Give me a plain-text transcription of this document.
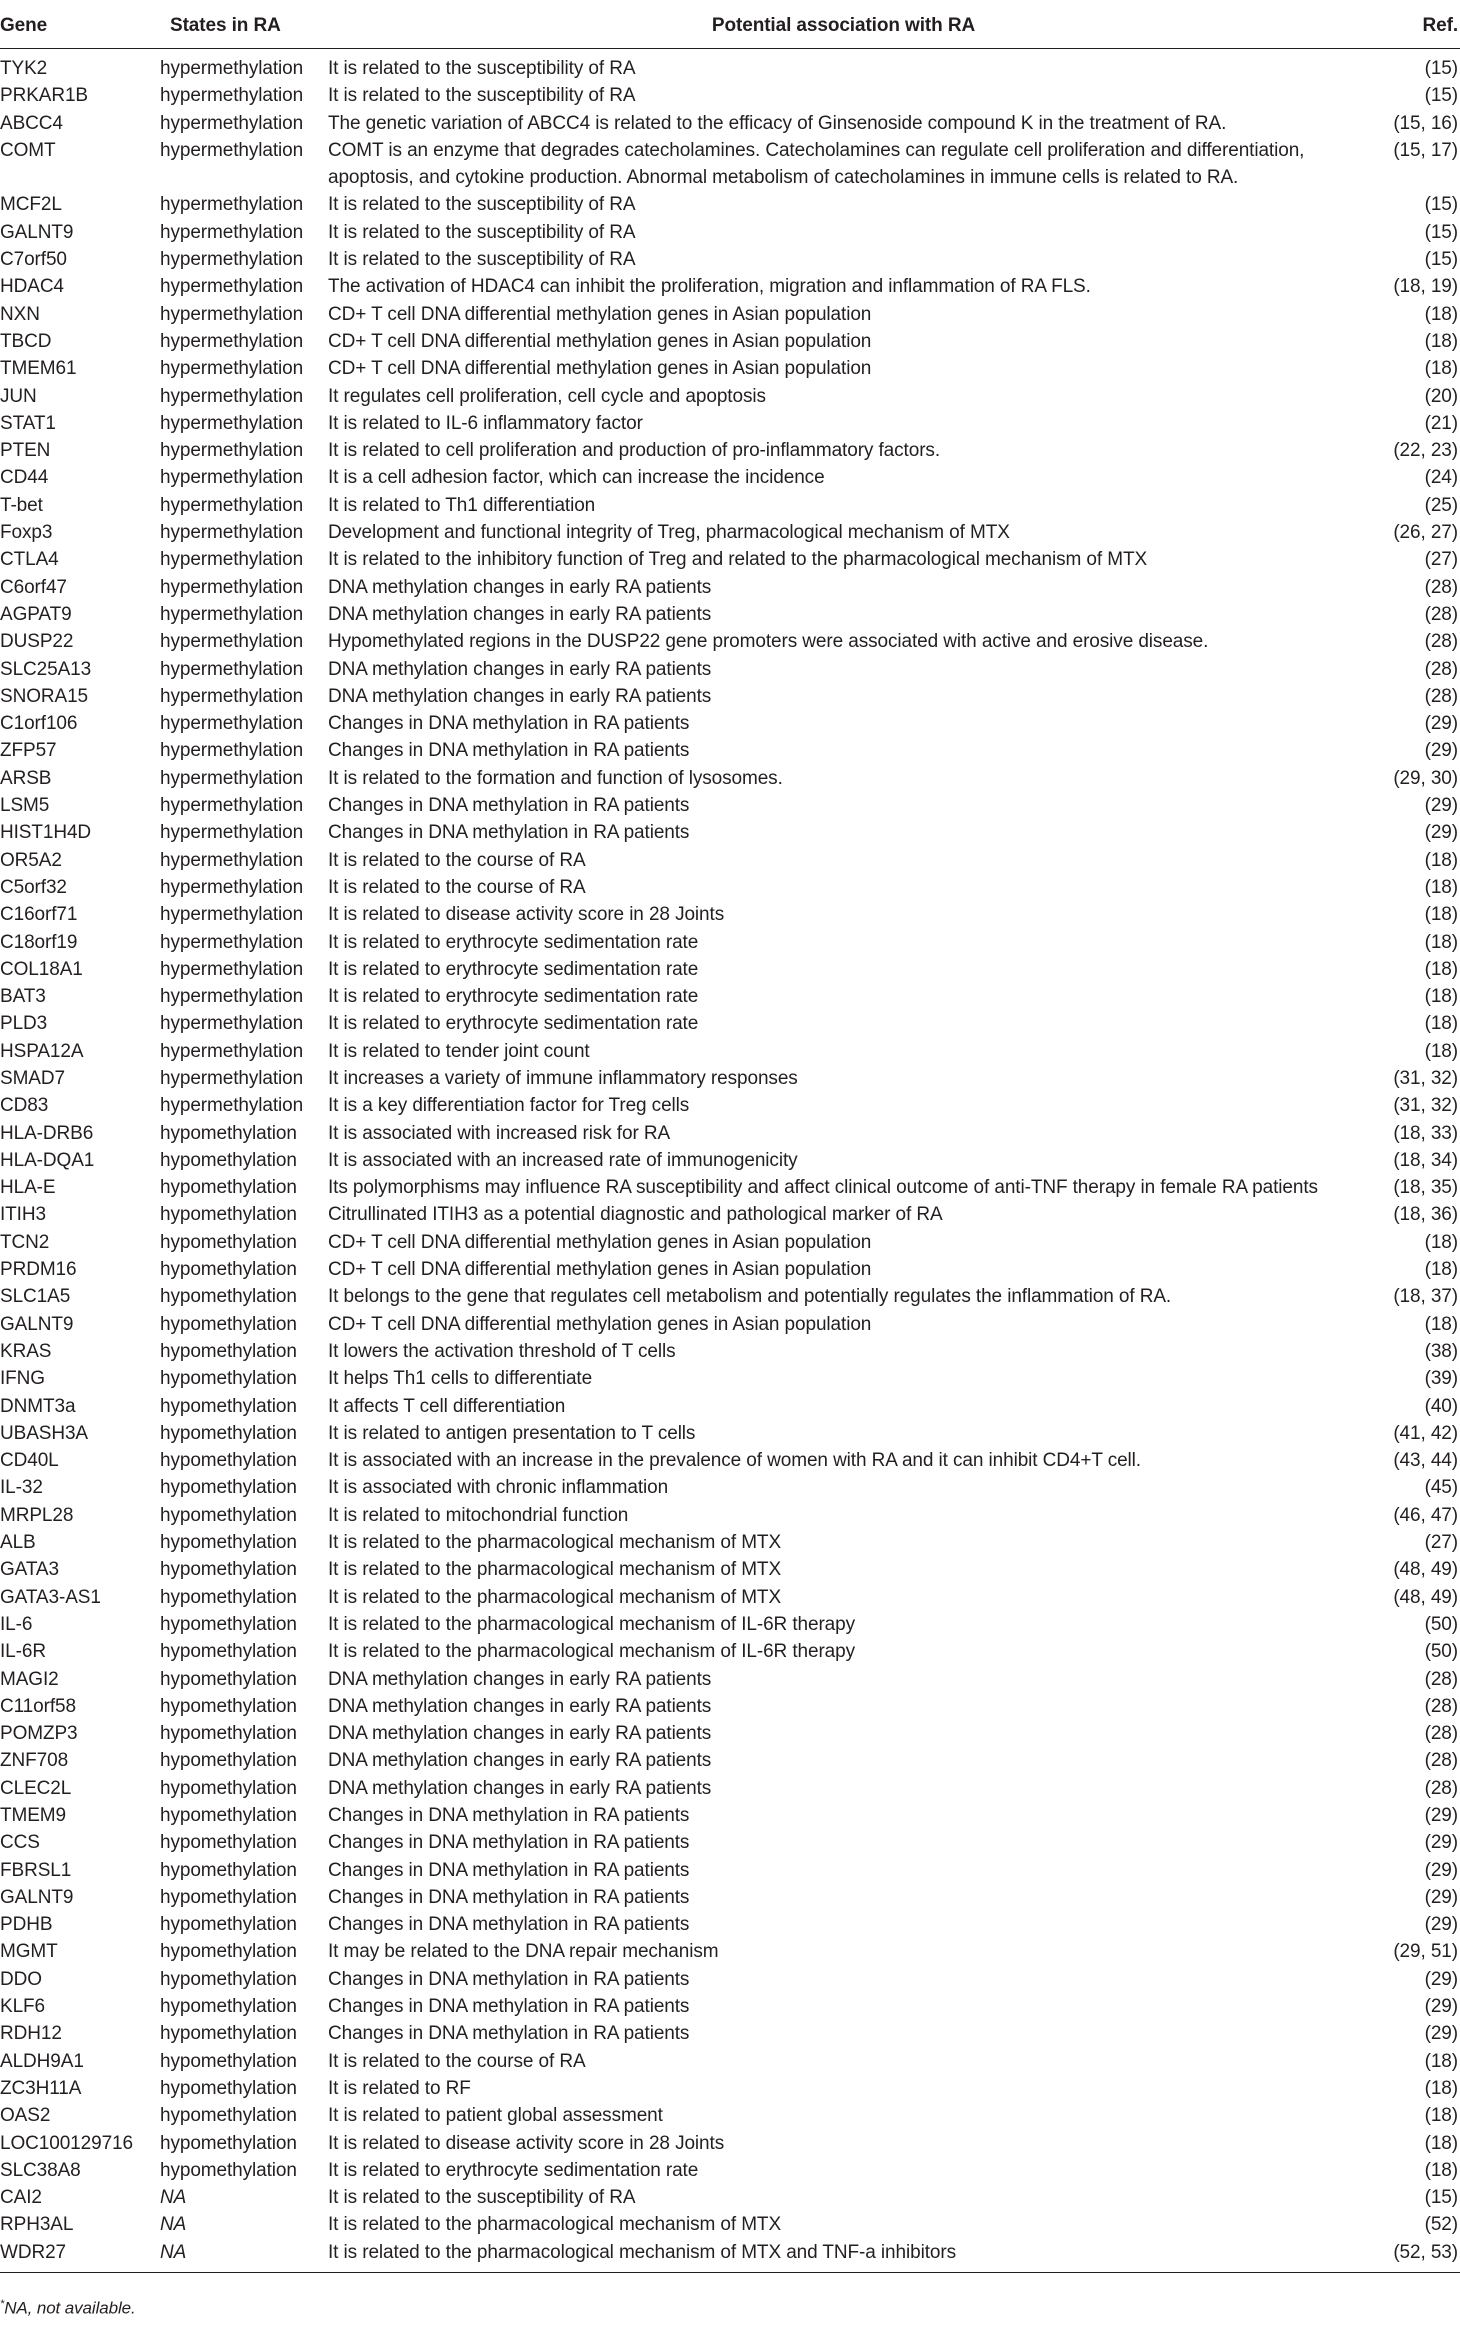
Gene	States in RA	Potential association with RA	Ref.

TYK2	hypermethylation	It is related to the susceptibility of RA	(15)
PRKAR1B	hypermethylation	It is related to the susceptibility of RA	(15)
ABCC4	hypermethylation	The genetic variation of ABCC4 is related to the efficacy of Ginsenoside compound K in the treatment of RA.	(15, 16)
COMT	hypermethylation	COMT is an enzyme that degrades catecholamines. Catecholamines can regulate cell proliferation and differentiation, apoptosis, and cytokine production. Abnormal metabolism of catecholamines in immune cells is related to RA.	(15, 17)
MCF2L	hypermethylation	It is related to the susceptibility of RA	(15)
GALNT9	hypermethylation	It is related to the susceptibility of RA	(15)
C7orf50	hypermethylation	It is related to the susceptibility of RA	(15)
HDAC4	hypermethylation	The activation of HDAC4 can inhibit the proliferation, migration and inflammation of RA FLS.	(18, 19)
NXN	hypermethylation	CD+ T cell DNA differential methylation genes in Asian population	(18)
TBCD	hypermethylation	CD+ T cell DNA differential methylation genes in Asian population	(18)
TMEM61	hypermethylation	CD+ T cell DNA differential methylation genes in Asian population	(18)
JUN	hypermethylation	It regulates cell proliferation, cell cycle and apoptosis	(20)
STAT1	hypermethylation	It is related to IL-6 inflammatory factor	(21)
PTEN	hypermethylation	It is related to cell proliferation and production of pro-inflammatory factors.	(22, 23)
CD44	hypermethylation	It is a cell adhesion factor, which can increase the incidence	(24)
T-bet	hypermethylation	It is related to Th1 differentiation	(25)
Foxp3	hypermethylation	Development and functional integrity of Treg, pharmacological mechanism of MTX	(26, 27)
CTLA4	hypermethylation	It is related to the inhibitory function of Treg and related to the pharmacological mechanism of MTX	(27)
C6orf47	hypermethylation	DNA methylation changes in early RA patients	(28)
AGPAT9	hypermethylation	DNA methylation changes in early RA patients	(28)
DUSP22	hypermethylation	Hypomethylated regions in the DUSP22 gene promoters were associated with active and erosive disease.	(28)
SLC25A13	hypermethylation	DNA methylation changes in early RA patients	(28)
SNORA15	hypermethylation	DNA methylation changes in early RA patients	(28)
C1orf106	hypermethylation	Changes in DNA methylation in RA patients	(29)
ZFP57	hypermethylation	Changes in DNA methylation in RA patients	(29)
ARSB	hypermethylation	It is related to the formation and function of lysosomes.	(29, 30)
LSM5	hypermethylation	Changes in DNA methylation in RA patients	(29)
HIST1H4D	hypermethylation	Changes in DNA methylation in RA patients	(29)
OR5A2	hypermethylation	It is related to the course of RA	(18)
C5orf32	hypermethylation	It is related to the course of RA	(18)
C16orf71	hypermethylation	It is related to disease activity score in 28 Joints	(18)
C18orf19	hypermethylation	It is related to erythrocyte sedimentation rate	(18)
COL18A1	hypermethylation	It is related to erythrocyte sedimentation rate	(18)
BAT3	hypermethylation	It is related to erythrocyte sedimentation rate	(18)
PLD3	hypermethylation	It is related to erythrocyte sedimentation rate	(18)
HSPA12A	hypermethylation	It is related to tender joint count	(18)
SMAD7	hypermethylation	It increases a variety of immune inflammatory responses	(31, 32)
CD83	hypermethylation	It is a key differentiation factor for Treg cells	(31, 32)
HLA-DRB6	hypomethylation	It is associated with increased risk for RA	(18, 33)
HLA-DQA1	hypomethylation	It is associated with an increased rate of immunogenicity	(18, 34)
HLA-E	hypomethylation	Its polymorphisms may influence RA susceptibility and affect clinical outcome of anti-TNF therapy in female RA patients	(18, 35)
ITIH3	hypomethylation	Citrullinated ITIH3 as a potential diagnostic and pathological marker of RA	(18, 36)
TCN2	hypomethylation	CD+ T cell DNA differential methylation genes in Asian population	(18)
PRDM16	hypomethylation	CD+ T cell DNA differential methylation genes in Asian population	(18)
SLC1A5	hypomethylation	It belongs to the gene that regulates cell metabolism and potentially regulates the inflammation of RA.	(18, 37)
GALNT9	hypomethylation	CD+ T cell DNA differential methylation genes in Asian population	(18)
KRAS	hypomethylation	It lowers the activation threshold of T cells	(38)
IFNG	hypomethylation	It helps Th1 cells to differentiate	(39)
DNMT3a	hypomethylation	It affects T cell differentiation	(40)
UBASH3A	hypomethylation	It is related to antigen presentation to T cells	(41, 42)
CD40L	hypomethylation	It is associated with an increase in the prevalence of women with RA and it can inhibit CD4+T cell.	(43, 44)
IL-32	hypomethylation	It is associated with chronic inflammation	(45)
MRPL28	hypomethylation	It is related to mitochondrial function	(46, 47)
ALB	hypomethylation	It is related to the pharmacological mechanism of MTX	(27)
GATA3	hypomethylation	It is related to the pharmacological mechanism of MTX	(48, 49)
GATA3-AS1	hypomethylation	It is related to the pharmacological mechanism of MTX	(48, 49)
IL-6	hypomethylation	It is related to the pharmacological mechanism of IL-6R therapy	(50)
IL-6R	hypomethylation	It is related to the pharmacological mechanism of IL-6R therapy	(50)
MAGI2	hypomethylation	DNA methylation changes in early RA patients	(28)
C11orf58	hypomethylation	DNA methylation changes in early RA patients	(28)
POMZP3	hypomethylation	DNA methylation changes in early RA patients	(28)
ZNF708	hypomethylation	DNA methylation changes in early RA patients	(28)
CLEC2L	hypomethylation	DNA methylation changes in early RA patients	(28)
TMEM9	hypomethylation	Changes in DNA methylation in RA patients	(29)
CCS	hypomethylation	Changes in DNA methylation in RA patients	(29)
FBRSL1	hypomethylation	Changes in DNA methylation in RA patients	(29)
GALNT9	hypomethylation	Changes in DNA methylation in RA patients	(29)
PDHB	hypomethylation	Changes in DNA methylation in RA patients	(29)
MGMT	hypomethylation	It may be related to the DNA repair mechanism	(29, 51)
DDO	hypomethylation	Changes in DNA methylation in RA patients	(29)
KLF6	hypomethylation	Changes in DNA methylation in RA patients	(29)
RDH12	hypomethylation	Changes in DNA methylation in RA patients	(29)
ALDH9A1	hypomethylation	It is related to the course of RA	(18)
ZC3H11A	hypomethylation	It is related to RF	(18)
OAS2	hypomethylation	It is related to patient global assessment	(18)
LOC100129716	hypomethylation	It is related to disease activity score in 28 Joints	(18)
SLC38A8	hypomethylation	It is related to erythrocyte sedimentation rate	(18)
CAI2	NA	It is related to the susceptibility of RA	(15)
RPH3AL	NA	It is related to the pharmacological mechanism of MTX	(52)
WDR27	NA	It is related to the pharmacological mechanism of MTX and TNF-a inhibitors	(52, 53)
*NA, not available.
